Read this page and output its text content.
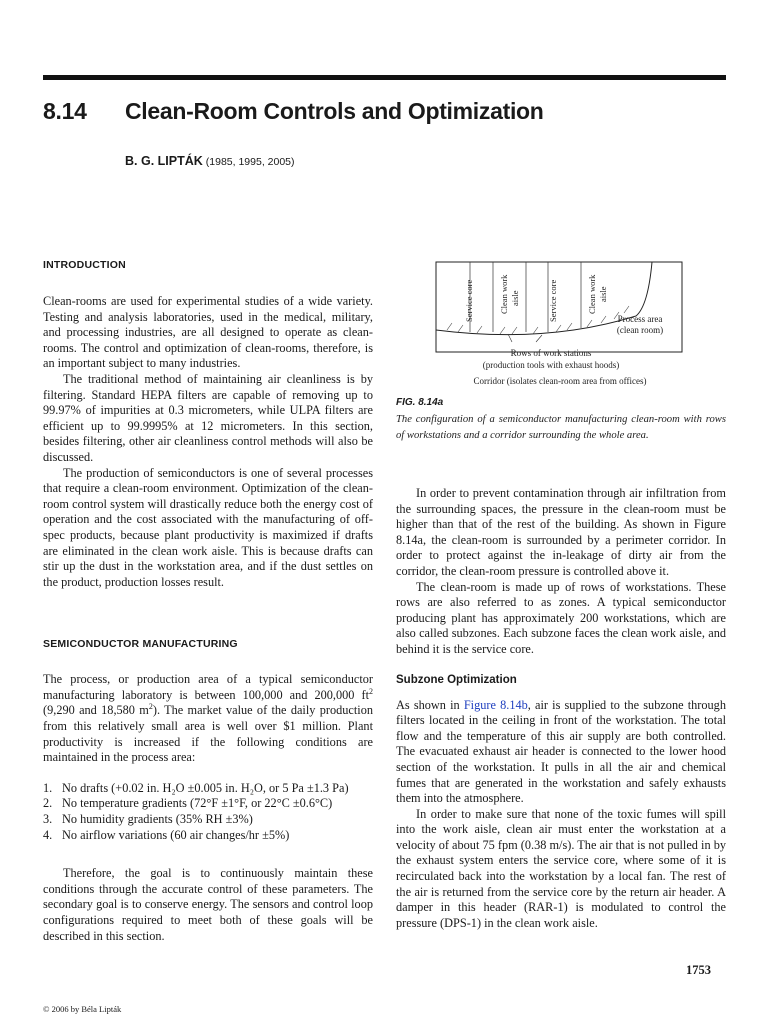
8.14 Clean-Room Controls and Optimization
B. G. LIPTÁK (1985, 1995, 2005)
INTRODUCTION

Clean-rooms are used for experimental studies of a wide variety. Testing and analysis laboratories, used in the medical, military, and processing industries, are all designed to operate as clean-rooms. The control and optimization of clean-rooms, therefore, is an important subject to many industries.

The traditional method of maintaining air cleanliness is by filtering. Standard HEPA filters are capable of removing up to 99.97% of impurities at 0.3 micrometers, while ULPA filters are efficient up to 99.9995% at 12 micrometers. In this section, besides filtering, other air cleanliness control methods will also be discussed.

The production of semiconductors is one of several processes that require a clean-room environment. Optimization of the clean-room control system will drastically reduce both the energy cost of operation and the cost associated with the manufacturing of off-spec products, because plant productivity is maximized if drafts are eliminated in the clean work aisle. This is because drafts can stir up the dust in the workstation area, and if the dust settles on the product, production losses result.

SEMICONDUCTOR MANUFACTURING

The process, or production area of a typical semiconductor manufacturing laboratory is between 100,000 and 200,000 $ft^2$ (9,290 and 18,580 $m^2$). The market value of the daily production from this relatively small area is well over $1 million. Plant productivity is increased if the following conditions are maintained in the process area:

1. No drafts (+0.02 in. H₂O ±0.005 in. H₂O, or 5 Pa ±1.3 Pa)
2. No temperature gradients (72°F ±1°F, or 22°C ±0.6°C)
3. No humidity gradients (35% RH ±3%)
4. No airflow variations (60 air changes/hr ±5%)

Therefore, the goal is to continuously maintain these conditions through the accurate control of these parameters. The secondary goal is to conserve energy. The sensors and control loop configurations required to meet both of these goals will be described in this section.

Service core	Clean work aisle	Service core	Clean work aisle
Process area
(clean room)
Rows of work stations
(production tools with exhaust hoods)
Corridor (isolates clean-room area from offices)

FIG. 8.14a

The configuration of a semiconductor manufacturing clean-room with rows of workstations and a corridor surrounding the whole area.

In order to prevent contamination through air infiltration from the surrounding spaces, the pressure in the clean-room must be higher than that of the rest of the building. As shown in Figure 8.14a, the clean-room is surrounded by a perimeter corridor. In order to protect against the in-leakage of dirty air from the corridor, the clean-room pressure is controlled above it.

The clean-room is made up of rows of workstations. These rows are also referred to as zones. A typical semiconductor producing plant has approximately 200 workstations, which are also called subzones. Each subzone faces the clean work aisle, and behind it is the service core.

Subzone Optimization

As shown in Figure 8.14b, air is supplied to the subzone through filters located in the ceiling in front of the workstation. The total flow and the temperature of this air supply are both controlled. The evacuated exhaust air header is connected to the lower hood section of the workstation. It pulls in all the air and chemical fumes that are generated in the workstation and safely exhausts them into the atmosphere.

In order to make sure that none of the toxic fumes will spill into the work aisle, clean air must enter the workstation at a velocity of about 75 fpm (0.38 m/s). The air that is not pulled in by the exhaust system enters the service core, where some of it is recirculated back into the workstation by a local fan. The rest of the air is returned from the service core by the return air header. A damper in this header (RAR-1) is modulated to control the pressure (DPS-1) in the clean work aisle.

1753
© 2006 by Béla Lipták
